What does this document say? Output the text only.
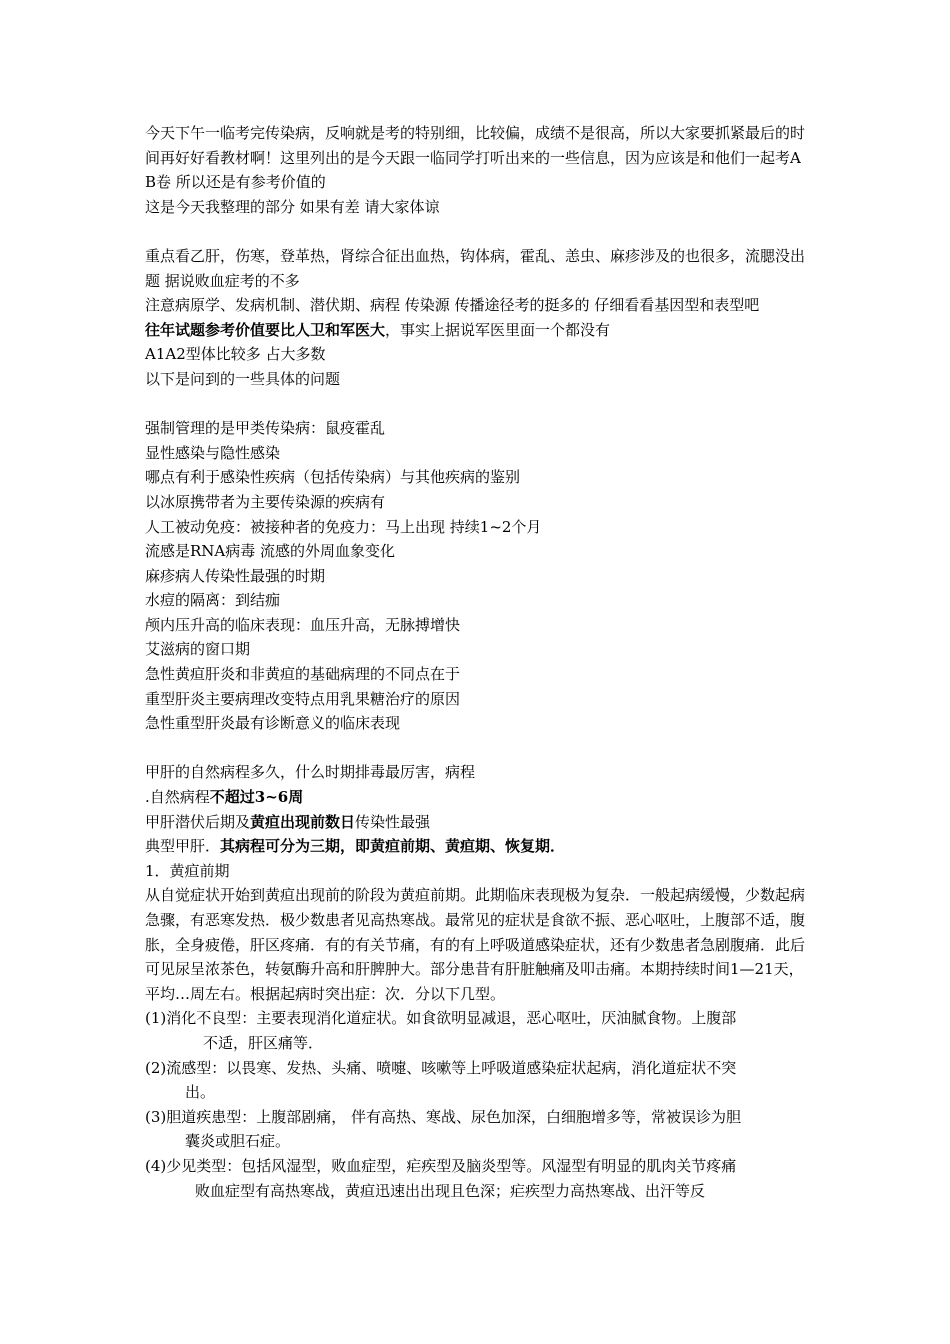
今天下午一临考完传染病，反响就是考的特别细，比较偏，成绩不是很高，所以大家要抓紧最后的时间再好好看教材啊！这里列出的是今天跟一临同学打听出来的一些信息，因为应该是和他们一起考AB卷 所以还是有参考价值的

这是今天我整理的部分 如果有差 请大家体谅

重点看乙肝，伤寒，登革热，肾综合征出血热，钩体病，霍乱、恙虫、麻疹涉及的也很多，流腮没出题 据说败血症考的不多

注意病原学、发病机制、潜伏期、病程 传染源 传播途径考的挺多的 仔细看看基因型和表型吧

往年试题参考价值要比人卫和军医大，事实上据说军医里面一个都没有

A1A2型体比较多 占大多数

以下是问到的一些具体的问题

强制管理的是甲类传染病：鼠疫霍乱

显性感染与隐性感染

哪点有利于感染性疾病（包括传染病）与其他疾病的鉴别

以冰原携带者为主要传染源的疾病有

人工被动免疫：被接种者的免疫力：马上出现 持续1~2个月

流感是RNA病毒 流感的外周血象变化

麻疹病人传染性最强的时期

水痘的隔离：到结痂

颅内压升高的临床表现：血压升高，无脉搏增快

艾滋病的窗口期

急性黄疸肝炎和非黄疸的基础病理的不同点在于

重型肝炎主要病理改变特点用乳果糖治疗的原因

急性重型肝炎最有诊断意义的临床表现

甲肝的自然病程多久，什么时期排毒最厉害，病程

.自然病程不超过3~6周

甲肝潜伏后期及黄疸出现前数日传染性最强

典型甲肝．其病程可分为三期，即黄疸前期、黄疸期、恢复期．

1．黄疸前期

从自觉症状开始到黄疸出现前的阶段为黄疸前期。此期临床表现极为复杂．一般起病缓慢，少数起病急骤，有恶寒发热．极少数患者见高热寒战。最常见的症状是食欲不振、恶心呕吐，上腹部不适，腹胀，全身疲倦，肝区疼痛．有的有关节痛，有的有上呼吸道感染症状，还有少数患者急剧腹痛．此后可见尿呈浓茶色，转氨酶升高和肝脾肿大。部分患昔有肝脏触痛及叩击痛。本期持续时间1—21天，平均…周左右。根据起病时突出症：次．分以下几型。

(1)消化不良型：主要表现消化道症状。如食欲明显减退，恶心呕吐，厌油腻食物。上腹部
不适，肝区痛等．
(2)流感型：以畏寒、发热、头痛、喷嚏、咳嗽等上呼吸道感染症状起病，消化道症状不突
出。
(3)胆道疾患型：上腹部剧痛， 伴有高热、寒战、尿色加深，白细胞增多等，常被误诊为胆
囊炎或胆石症。
(4)少见类型：包括风湿型，败血症型，疟疾型及脑炎型等。风湿型有明显的肌肉关节疼痛
败血症型有高热寒战，黄疸迅速出出现且色深；疟疾型力高热寒战、出汗等反
